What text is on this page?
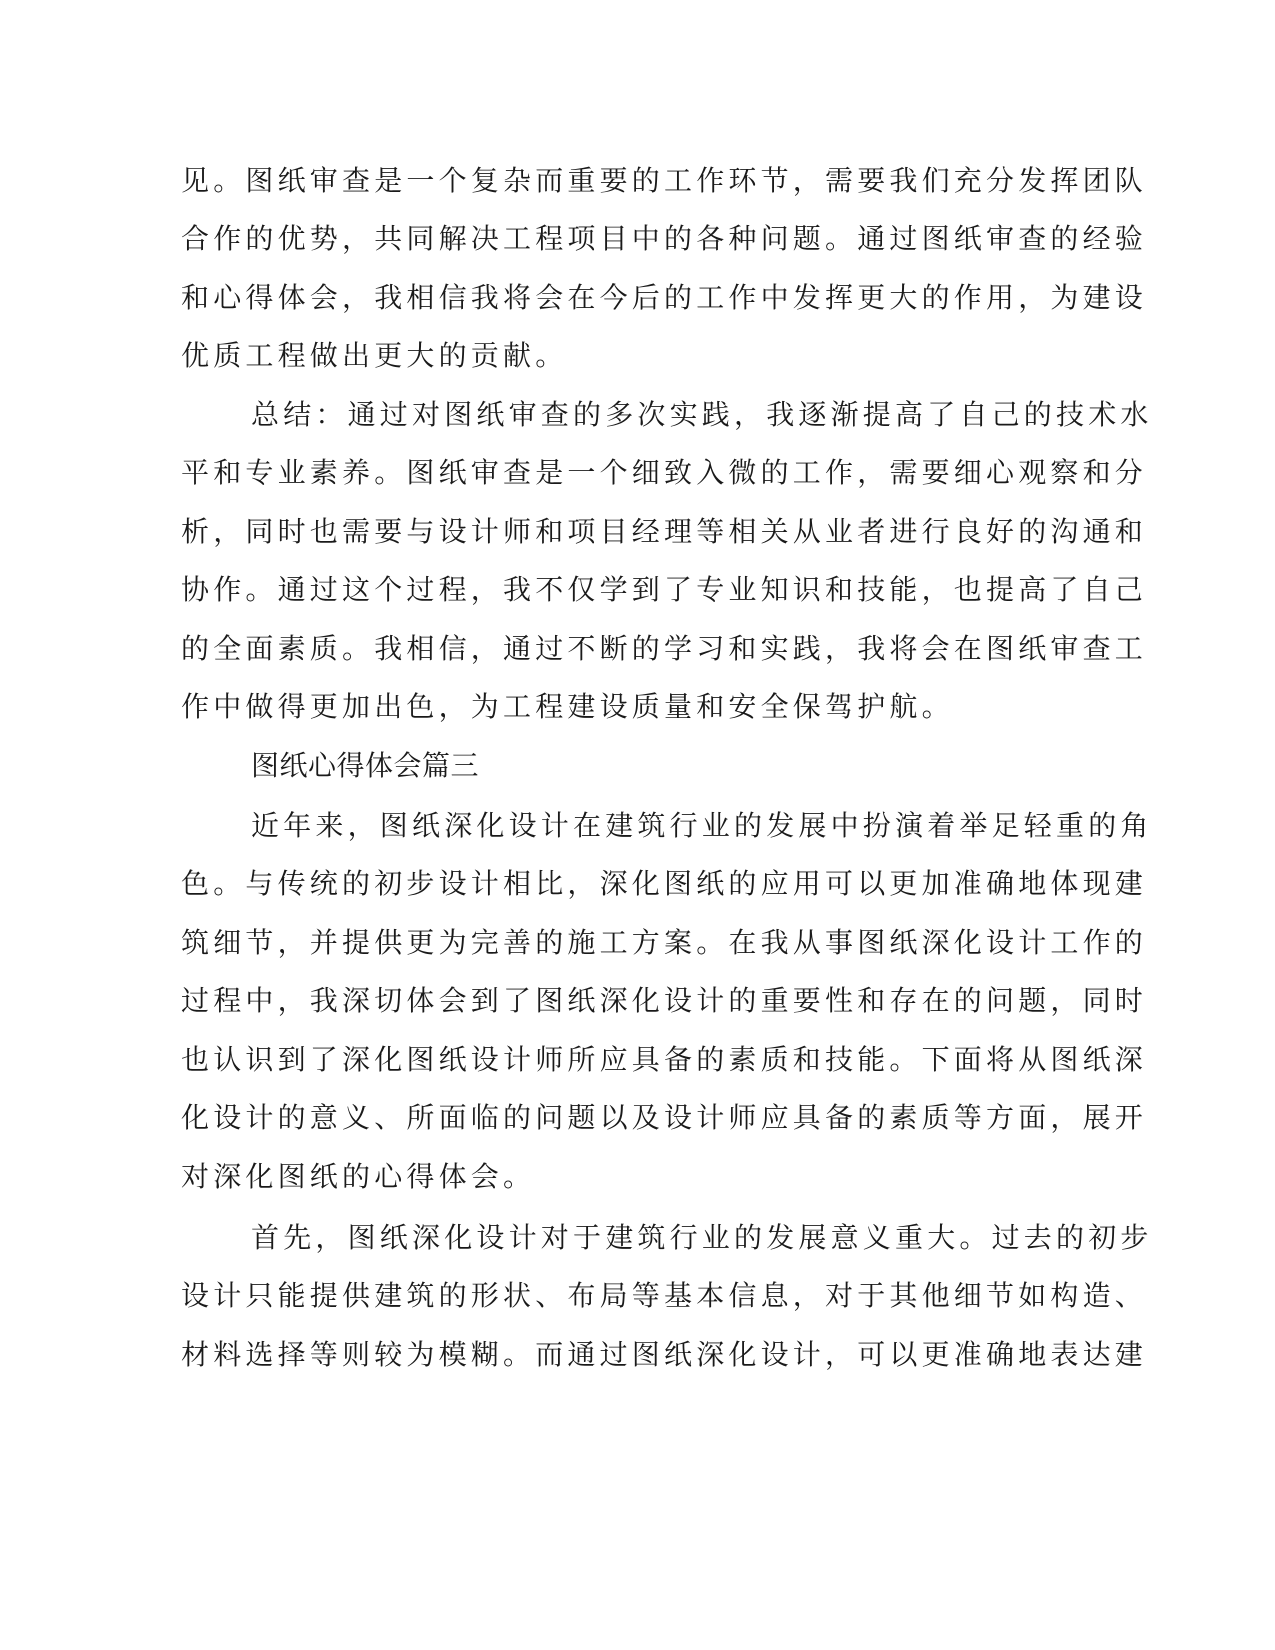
见。图纸审查是一个复杂而重要的工作环节，需要我们充分发挥团队
合作的优势，共同解决工程项目中的各种问题。通过图纸审查的经验
和心得体会，我相信我将会在今后的工作中发挥更大的作用，为建设
优质工程做出更大的贡献。
总结：通过对图纸审查的多次实践，我逐渐提高了自己的技术水
平和专业素养。图纸审查是一个细致入微的工作，需要细心观察和分
析，同时也需要与设计师和项目经理等相关从业者进行良好的沟通和
协作。通过这个过程，我不仅学到了专业知识和技能，也提高了自己
的全面素质。我相信，通过不断的学习和实践，我将会在图纸审查工
作中做得更加出色，为工程建设质量和安全保驾护航。
图纸心得体会篇三
近年来，图纸深化设计在建筑行业的发展中扮演着举足轻重的角
色。与传统的初步设计相比，深化图纸的应用可以更加准确地体现建
筑细节，并提供更为完善的施工方案。在我从事图纸深化设计工作的
过程中，我深切体会到了图纸深化设计的重要性和存在的问题，同时
也认识到了深化图纸设计师所应具备的素质和技能。下面将从图纸深
化设计的意义、所面临的问题以及设计师应具备的素质等方面，展开
对深化图纸的心得体会。
首先，图纸深化设计对于建筑行业的发展意义重大。过去的初步
设计只能提供建筑的形状、布局等基本信息，对于其他细节如构造、
材料选择等则较为模糊。而通过图纸深化设计，可以更准确地表达建
